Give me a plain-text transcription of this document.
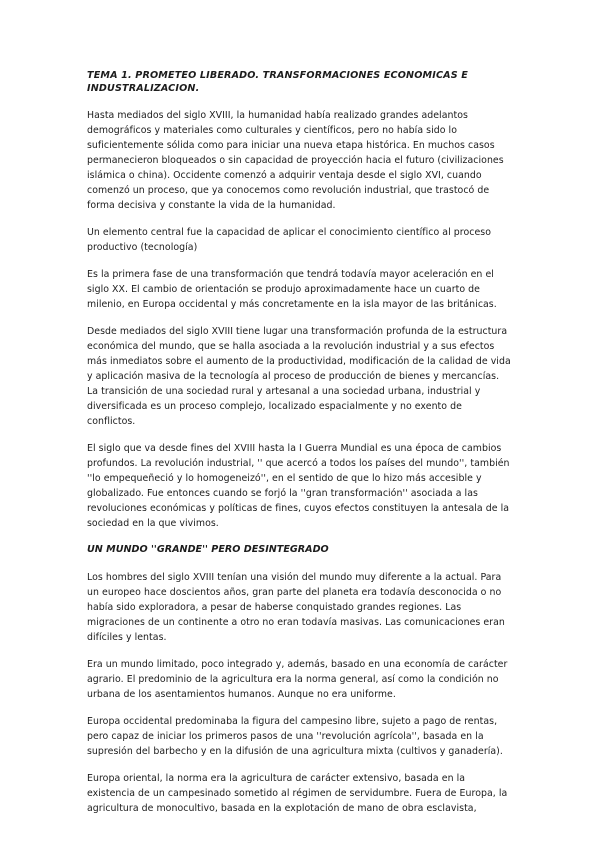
TEMA 1. PROMETEO LIBERADO. TRANSFORMACIONES ECONOMICAS E INDUSTRALIZACION.

Hasta mediados del siglo XVIII, la humanidad había realizado grandes adelantos demográficos y materiales como culturales y científicos, pero no había sido lo suficientemente sólida como para iniciar una nueva etapa histórica. En muchos casos permanecieron bloqueados o sin capacidad de proyección hacia el futuro (civilizaciones islámica o china). Occidente comenzó a adquirir ventaja desde el siglo XVI, cuando comenzó un proceso, que ya conocemos como revolución industrial, que trastocó de forma decisiva y constante la vida de la humanidad.

Un elemento central fue la capacidad de aplicar el conocimiento científico al proceso productivo (tecnología)

Es la primera fase de una transformación que tendrá todavía mayor aceleración en el siglo XX. El cambio de orientación se produjo aproximadamente hace un cuarto de milenio, en Europa occidental y más concretamente en la isla mayor de las británicas.

Desde mediados del siglo XVIII tiene lugar una transformación profunda de la estructura económica del mundo, que se halla asociada a la revolución industrial y a sus efectos más inmediatos sobre el aumento de la productividad, modificación de la calidad de vida y aplicación masiva de la tecnología al proceso de producción de bienes y mercancías. La transición de una sociedad rural y artesanal a una sociedad urbana, industrial y diversificada es un proceso complejo, localizado espacialmente y no exento de conflictos.

El siglo que va desde fines del XVIII hasta la I Guerra Mundial es una época de cambios profundos. La revolución industrial, '' que acercó a todos los países del mundo'', también ''lo empequeñeció y lo homogeneizó'', en el sentido de que lo hizo más accesible y globalizado. Fue entonces cuando se forjó la ''gran transformación'' asociada a las revoluciones económicas y políticas de fines, cuyos efectos constituyen la antesala de la sociedad en la que vivimos.

UN MUNDO ''GRANDE'' PERO DESINTEGRADO

Los hombres del siglo XVIII tenían una visión del mundo muy diferente a la actual. Para un europeo hace doscientos años, gran parte del planeta era todavía desconocida o no había sido exploradora, a pesar de haberse conquistado grandes regiones. Las migraciones de un continente a otro no eran todavía masivas. Las comunicaciones eran difíciles y lentas.

Era un mundo limitado, poco integrado y, además, basado en una economía de carácter agrario. El predominio de la agricultura era la norma general, así como la condición no urbana de los asentamientos humanos. Aunque no era uniforme.

Europa occidental predominaba la figura del campesino libre, sujeto a pago de rentas, pero capaz de iniciar los primeros pasos de una ''revolución agrícola'', basada en la supresión del barbecho y en la difusión de una agricultura mixta (cultivos y ganadería).

Europa oriental, la norma era la agricultura de carácter extensivo, basada en la existencia de un campesinado sometido al régimen de servidumbre. Fuera de Europa, la agricultura de monocultivo, basada en la explotación de mano de obra esclavista,
